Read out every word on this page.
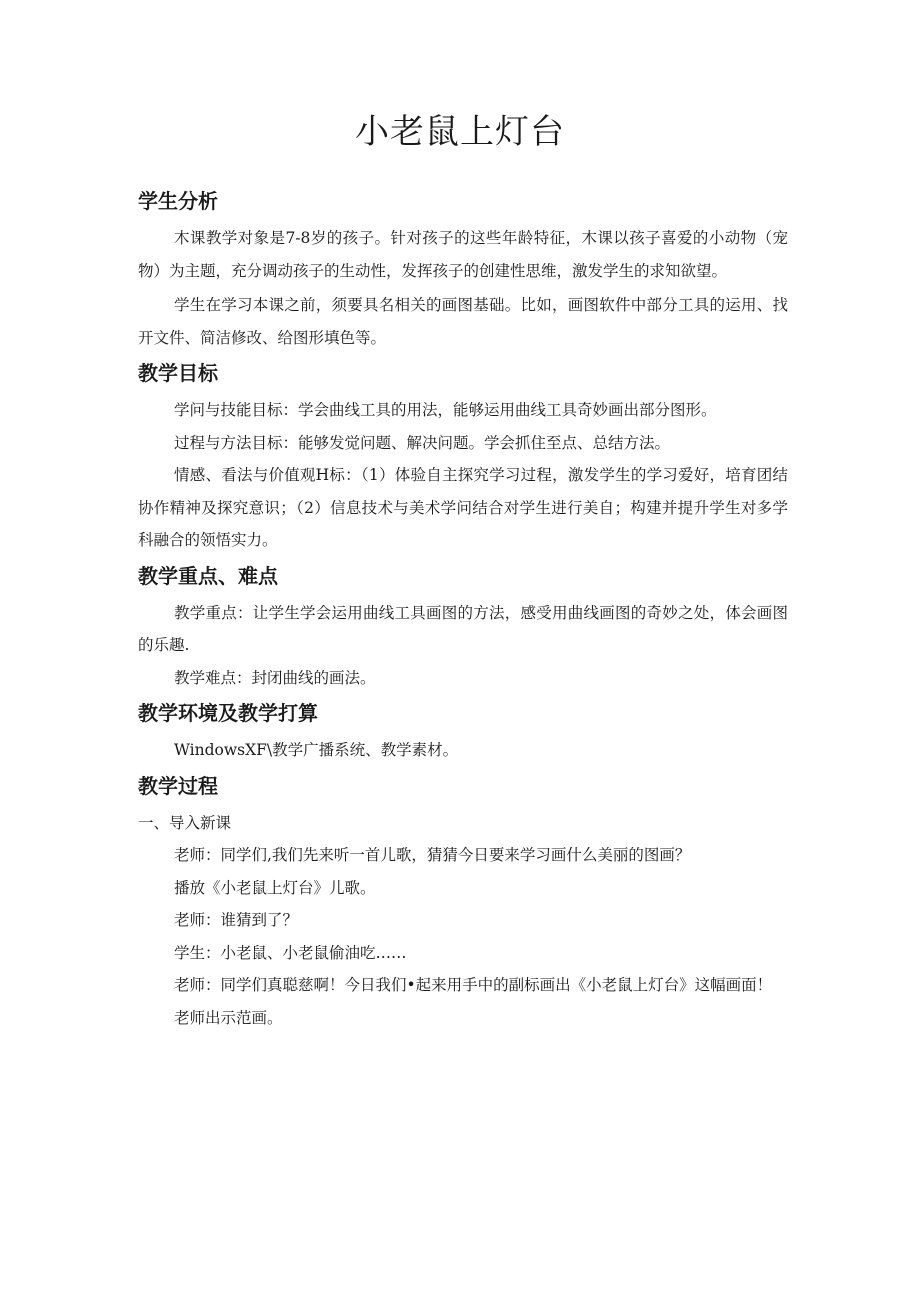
小老鼠上灯台
学生分析

木课教学对象是7-8岁的孩子。针对孩子的这些年龄特征，木课以孩子喜爱的小动物（宠物）为主题，充分调动孩子的生动性，发挥孩子的创建性思维，激发学生的求知欲望。

学生在学习本课之前，须要具名相关的画图基础。比如，画图软件中部分工具的运用、找开文件、简洁修改、给图形填色等。

教学目标

学问与技能目标：学会曲线工具的用法，能够运用曲线工具奇妙画出部分图形。

过程与方法目标：能够发觉问题、解决问题。学会抓住至点、总结方法。

情感、看法与价值观H标：（1）体验自主探究学习过程，激发学生的学习爱好，培育团结协作精神及探究意识；（2）信息技术与美术学问结合对学生进行美自；构建并提升学生对多学科融合的领悟实力。

教学重点、难点

教学重点：让学生学会运用曲线工具画图的方法，感受用曲线画图的奇妙之处，体会画图的乐趣.

教学难点：封闭曲线的画法。

教学环境及教学打算

WindowsXF\教学广播系统、教学素材。

教学过程

一、导入新课

老师：同学们,我们先来听一首儿歌，猜猜今日要来学习画什么美丽的图画？

播放《小老鼠上灯台》儿歌。

老师：谁猜到了？

学生：小老鼠、小老鼠偷油吃……

老师：同学们真聪慈啊！今日我们•起来用手中的副标画出《小老鼠上灯台》这幅画面！

老师出示范画。
